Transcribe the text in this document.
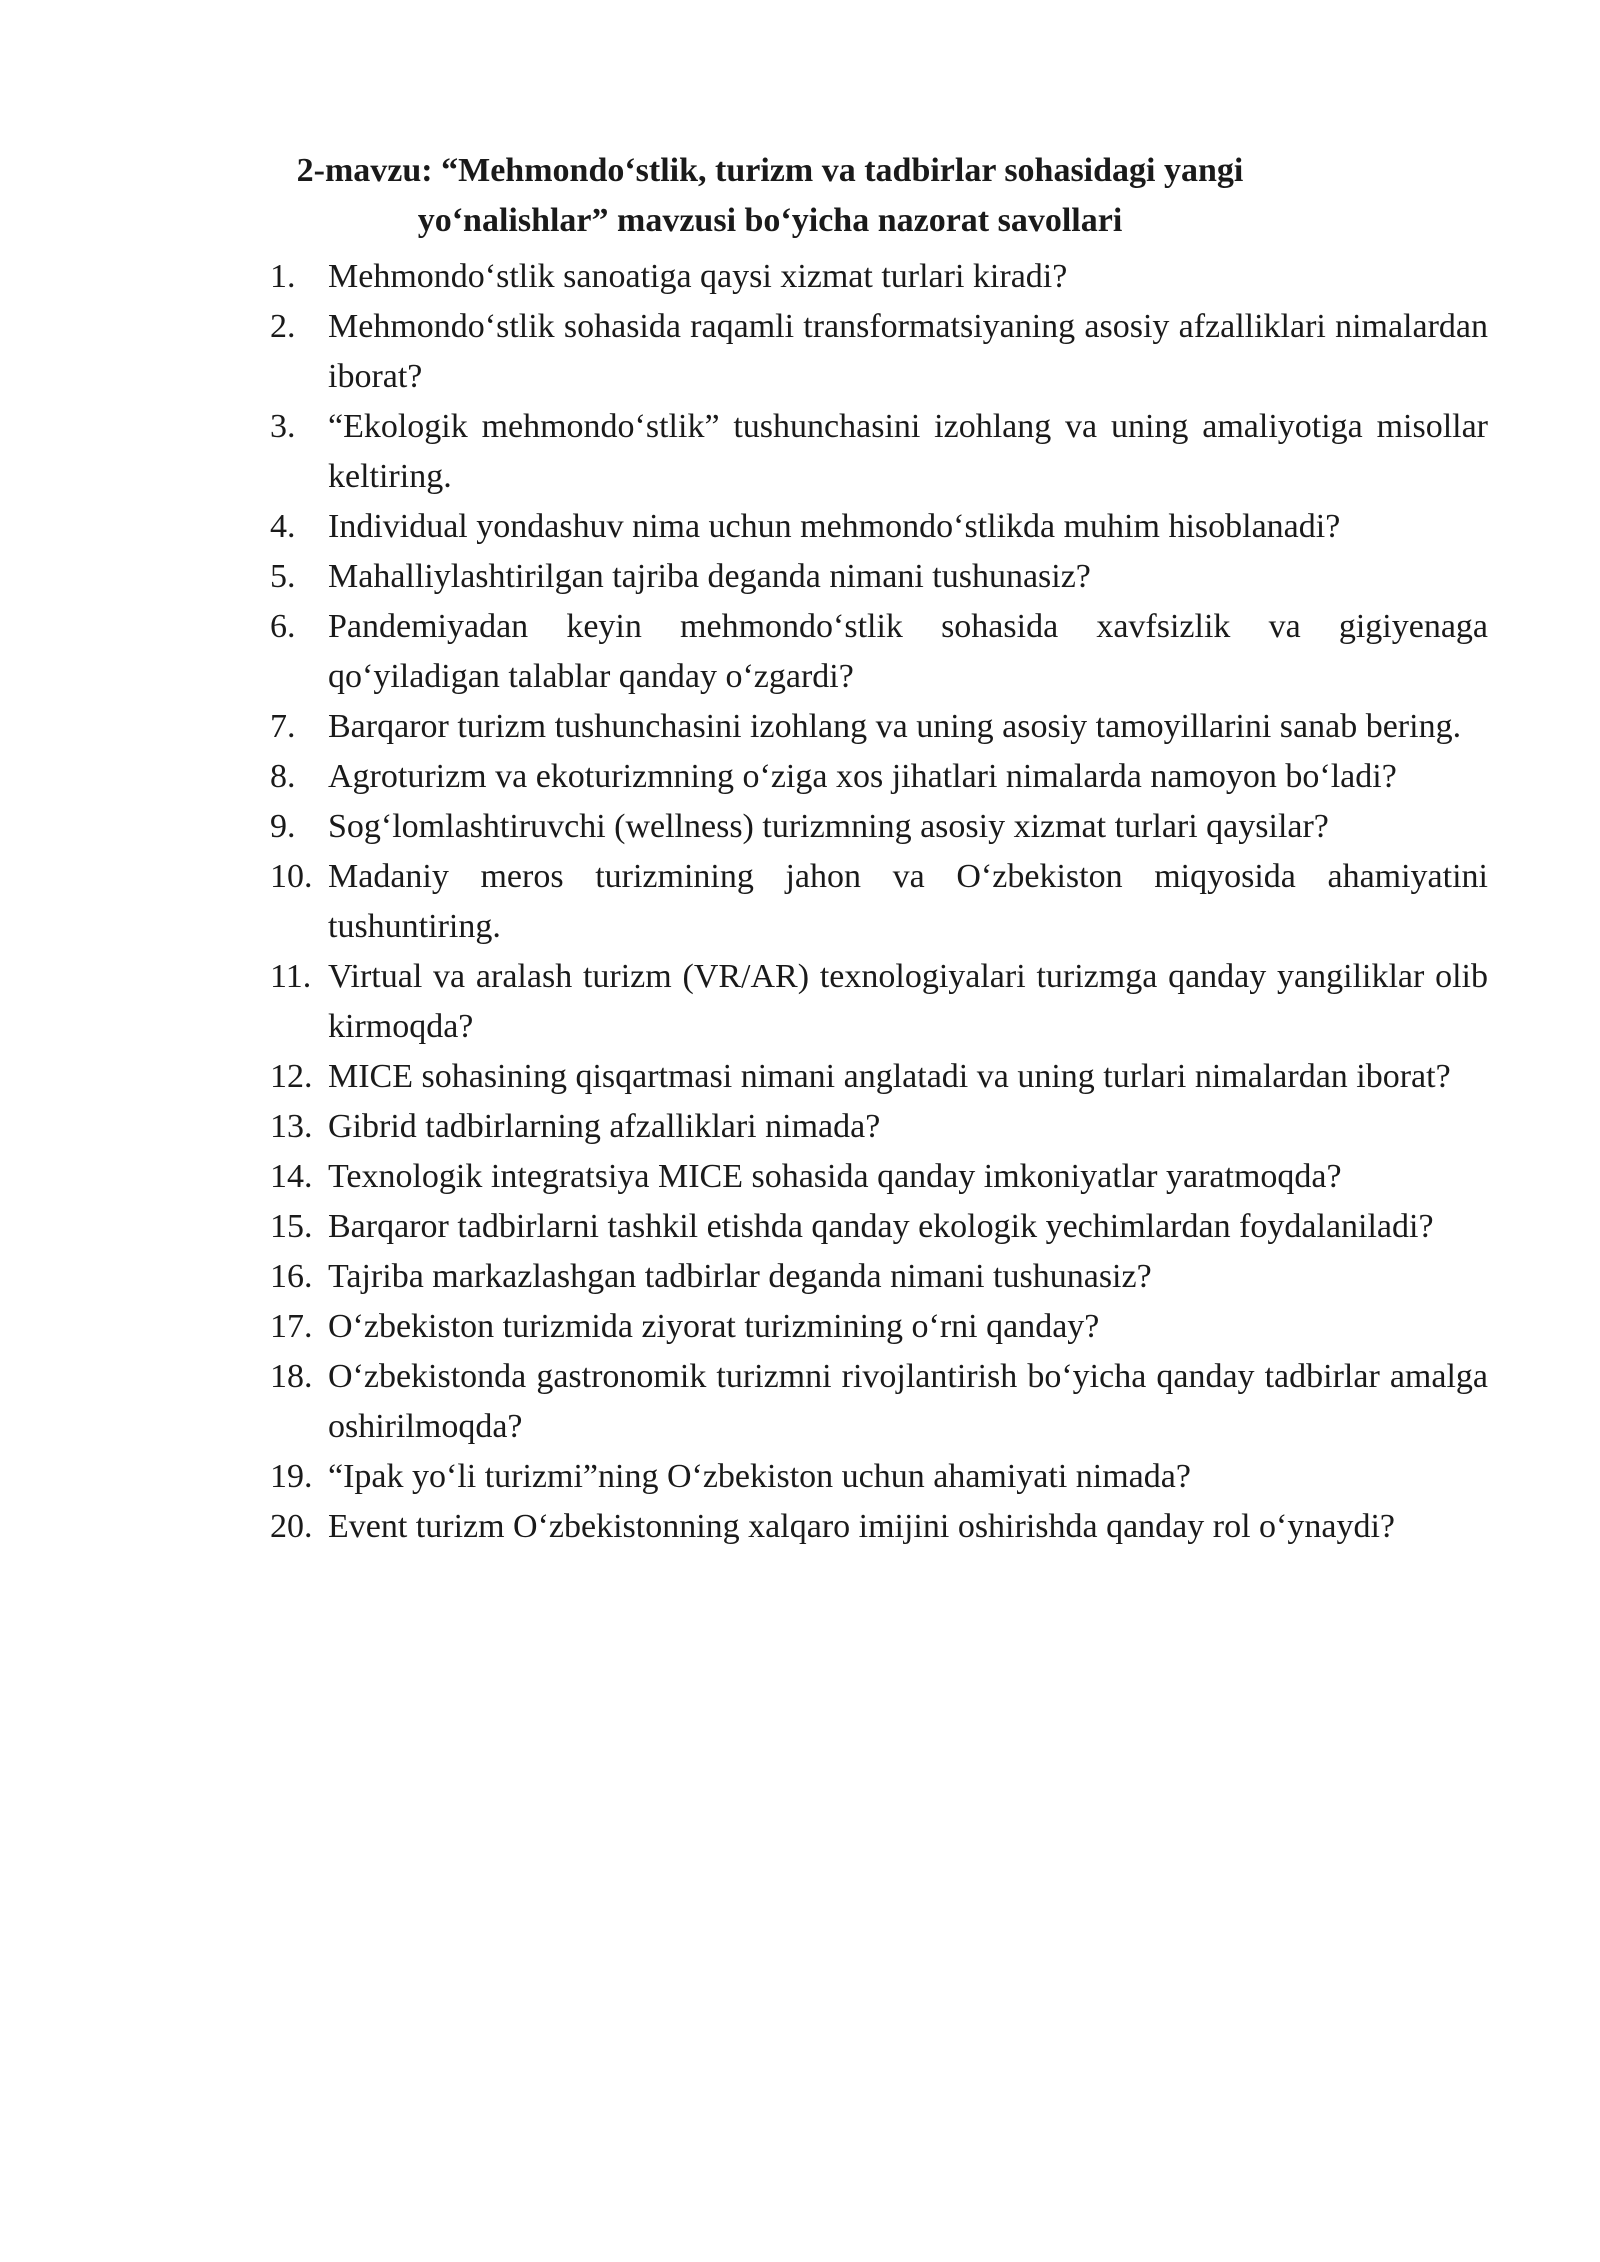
2-mavzu: “Mehmondo‘stlik, turizm va tadbirlar sohasidagi yangi
yo‘nalishlar” mavzusi bo‘yicha nazorat savollari
1. Mehmondo‘stlik sanoatiga qaysi xizmat turlari kiradi?
2. Mehmondo‘stlik sohasida raqamli transformatsiyaning asosiy afzalliklari nimalardan iborat?
3. “Ekologik mehmondo‘stlik” tushunchasini izohlang va uning amaliyotiga misollar keltiring.
4. Individual yondashuv nima uchun mehmondo‘stlikda muhim hisoblanadi?
5. Mahalliylashtirilgan tajriba deganda nimani tushunasiz?
6. Pandemiyadan keyin mehmondo‘stlik sohasida xavfsizlik va gigiyenaga qo‘yiladigan talablar qanday o‘zgardi?
7. Barqaror turizm tushunchasini izohlang va uning asosiy tamoyillarini sanab bering.
8. Agroturizm va ekoturizmning o‘ziga xos jihatlari nimalarda namoyon bo‘ladi?
9. Sog‘lomlashtiruvchi (wellness) turizmning asosiy xizmat turlari qaysilar?
10. Madaniy meros turizmining jahon va O‘zbekiston miqyosida ahamiyatini tushuntiring.
11. Virtual va aralash turizm (VR/AR) texnologiyalari turizmga qanday yangiliklar olib kirmoqda?
12. MICE sohasining qisqartmasi nimani anglatadi va uning turlari nimalardan iborat?
13. Gibrid tadbirlarning afzalliklari nimada?
14. Texnologik integratsiya MICE sohasida qanday imkoniyatlar yaratmoqda?
15. Barqaror tadbirlarni tashkil etishda qanday ekologik yechimlardan foydalaniladi?
16. Tajriba markazlashgan tadbirlar deganda nimani tushunasiz?
17. O‘zbekiston turizmida ziyorat turizmining o‘rni qanday?
18. O‘zbekistonda gastronomik turizmni rivojlantirish bo‘yicha qanday tadbirlar amalga oshirilmoqda?
19. “Ipak yo‘li turizmi”ning O‘zbekiston uchun ahamiyati nimada?
20. Event turizm O‘zbekistonning xalqaro imijini oshirishda qanday rol o‘ynaydi?
